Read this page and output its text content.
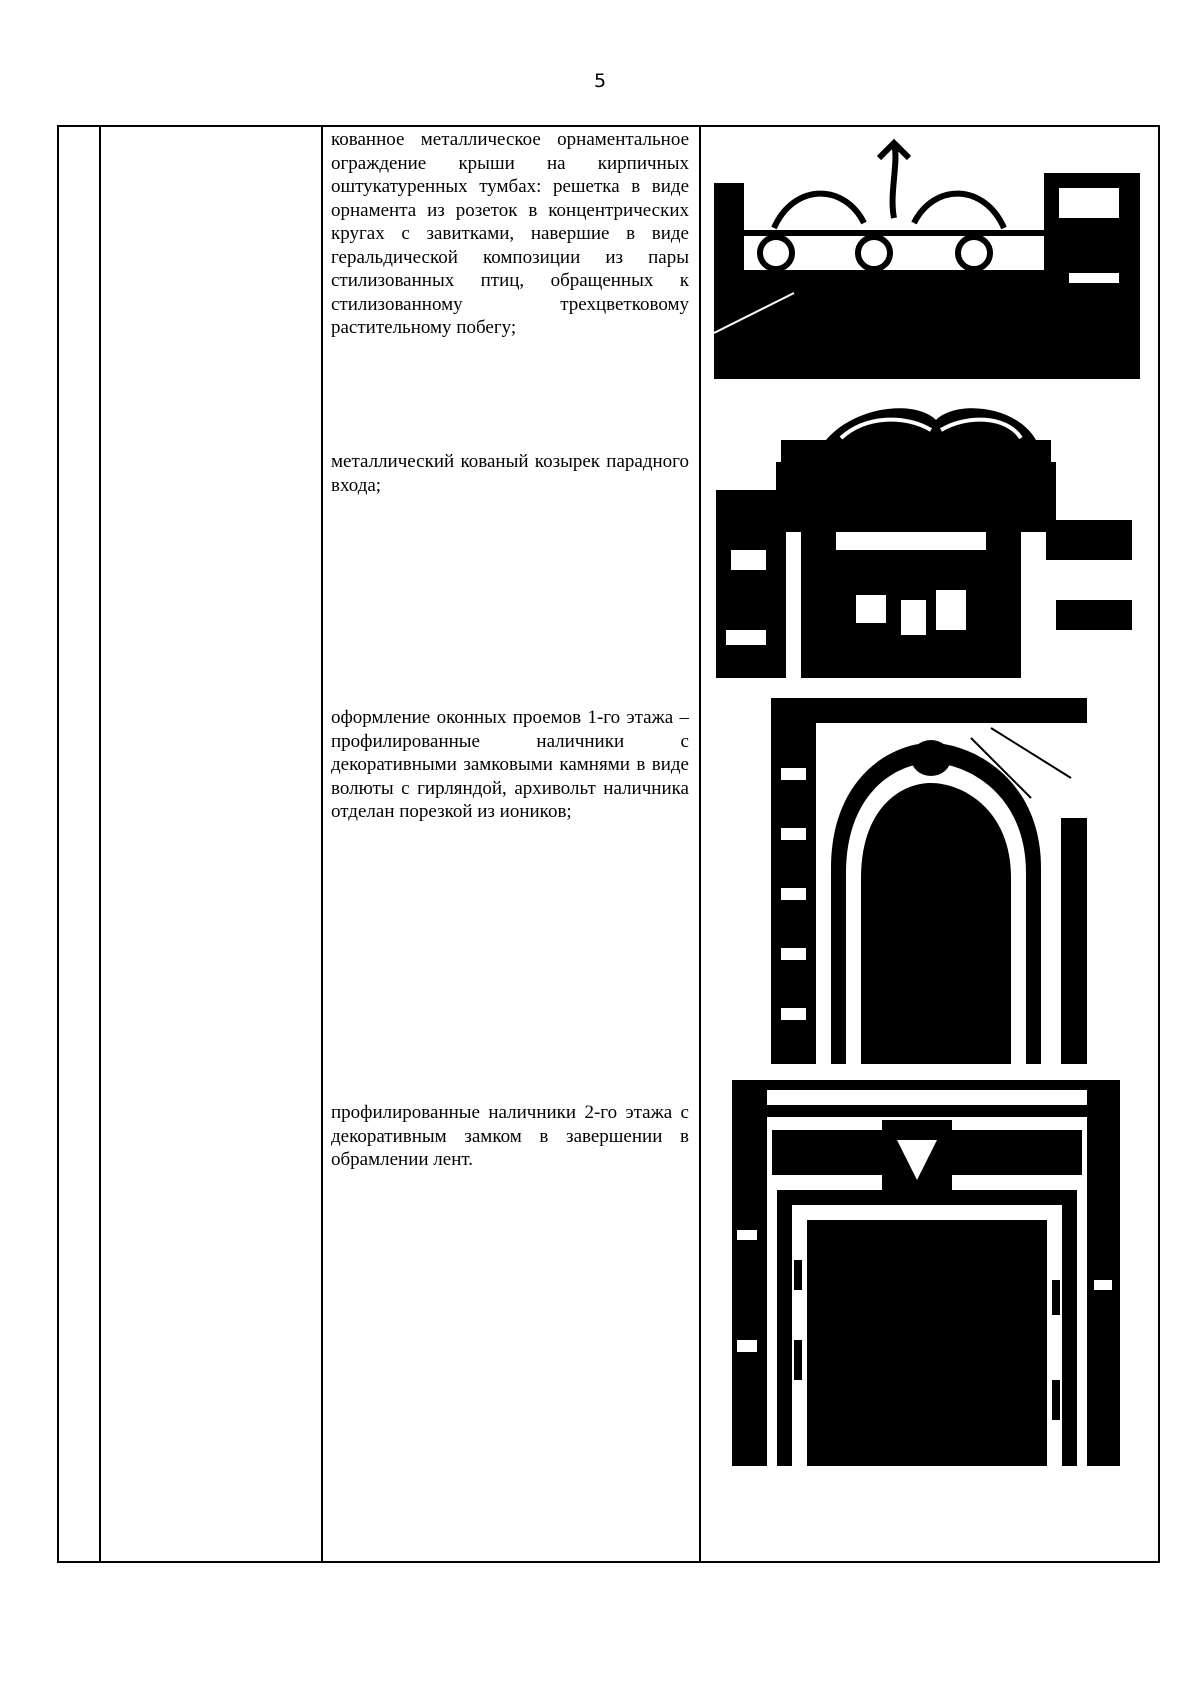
5
кованное металлическое орнаментальное ограждение крыши на кирпичных оштукатуренных тумбах: решетка в виде орнамента из розеток в концентрических кругах с завитками, навершие в виде геральдической композиции из пары стилизованных птиц, обращенных к стилизованному трехцветковому растительному побегу;
металлический кованый козырек парадного входа;
оформление оконных проемов 1-го этажа – профилированные наличники с декоративными замковыми камнями в виде волюты с гирляндой, архивольт наличника отделан порезкой из иоников;
профилированные наличники 2-го этажа с декоративным замком в завершении в обрамлении лент.
